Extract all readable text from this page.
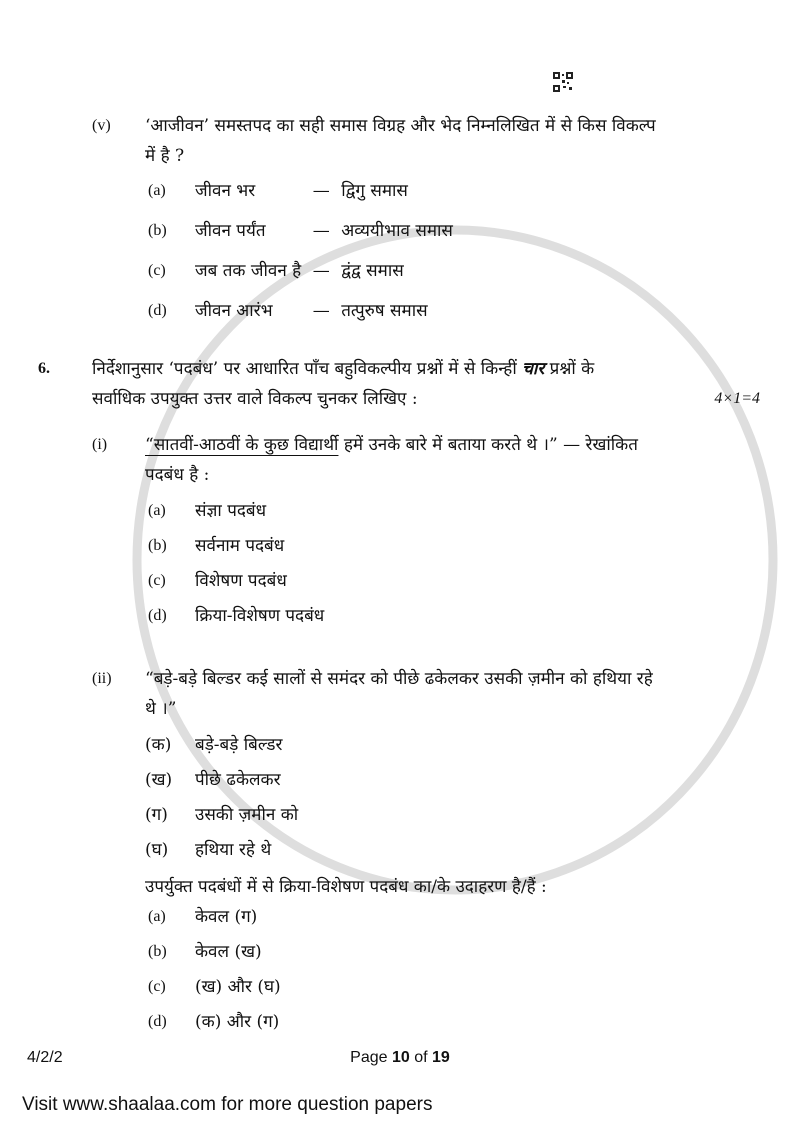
(v)	‘आजीवन’ समस्तपद का सही समास विग्रह और भेद निम्नलिखित में से किस विकल्प
में है ?
(a)	जीवन भर	— द्विगु समास
(b)	जीवन पर्यंत	— अव्ययीभाव समास
(c)	जब तक जीवन है — द्वंद्व समास
(d)	जीवन आरंभ	— तत्पुरुष समास
6.	निर्देशानुसार ‘पदबंध’ पर आधारित पाँच बहुविकल्पीय प्रश्नों में से किन्हीं चार प्रश्नों के
सर्वाधिक उपयुक्त उत्तर वाले विकल्प चुनकर लिखिए :	4×1=4
(i)	“सातवीं-आठवीं के कुछ विद्यार्थी हमें उनके बारे में बताया करते थे ।” — रेखांकित
पदबंध है :
(a)	संज्ञा पदबंध
(b)	सर्वनाम पदबंध
(c)	विशेषण पदबंध
(d)	क्रिया-विशेषण पदबंध
(ii)	“बड़े-बड़े बिल्डर कई सालों से समंदर को पीछे ढकेलकर उसकी ज़मीन को हथिया रहे
थे ।”
(क)	बड़े-बड़े बिल्डर
(ख)	पीछे ढकेलकर
(ग)	उसकी ज़मीन को
(घ)	हथिया रहे थे
उपर्युक्त पदबंधों में से क्रिया-विशेषण पदबंध का/के उदाहरण है/हैं :
(a)	केवल (ग)
(b)	केवल (ख)
(c)	(ख) और (घ)
(d)	(क) और (ग)
4/2/2	Page 10 of 19
Visit www.shaalaa.com for more question papers
